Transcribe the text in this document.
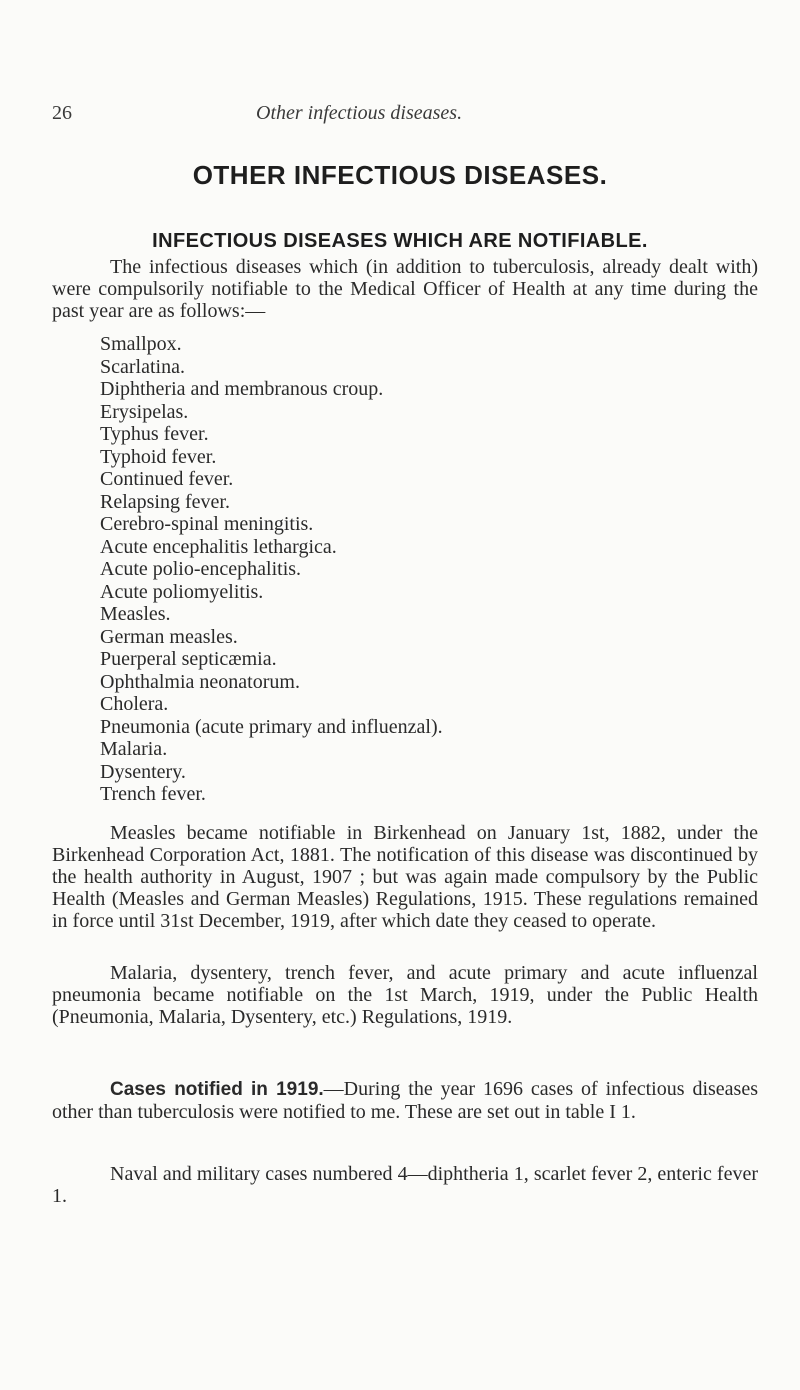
26	Other infectious diseases.
OTHER INFECTIOUS DISEASES.
INFECTIOUS DISEASES WHICH ARE NOTIFIABLE.

The infectious diseases which (in addition to tuberculosis, already dealt with) were compulsorily notifiable to the Medical Officer of Health at any time during the past year are as follows:—

Smallpox.
Scarlatina.
Diphtheria and membranous croup.
Erysipelas.
Typhus fever.
Typhoid fever.
Continued fever.
Relapsing fever.
Cerebro-spinal meningitis.
Acute encephalitis lethargica.
Acute polio-encephalitis.
Acute poliomyelitis.
Measles.
German measles.
Puerperal septicæmia.
Ophthalmia neonatorum.
Cholera.
Pneumonia (acute primary and influenzal).
Malaria.
Dysentery.
Trench fever.

Measles became notifiable in Birkenhead on January 1st, 1882, under the Birkenhead Corporation Act, 1881. The notification of this disease was discontinued by the health authority in August, 1907 ; but was again made compulsory by the Public Health (Measles and German Measles) Regulations, 1915. These regulations remained in force until 31st December, 1919, after which date they ceased to operate.

Malaria, dysentery, trench fever, and acute primary and acute influenzal pneumonia became notifiable on the 1st March, 1919, under the Public Health (Pneumonia, Malaria, Dysentery, etc.) Regulations, 1919.

Cases notified in 1919.—During the year 1696 cases of infectious diseases other than tuberculosis were notified to me. These are set out in table I 1.

Naval and military cases numbered 4—diphtheria 1, scarlet fever 2, enteric fever 1.
